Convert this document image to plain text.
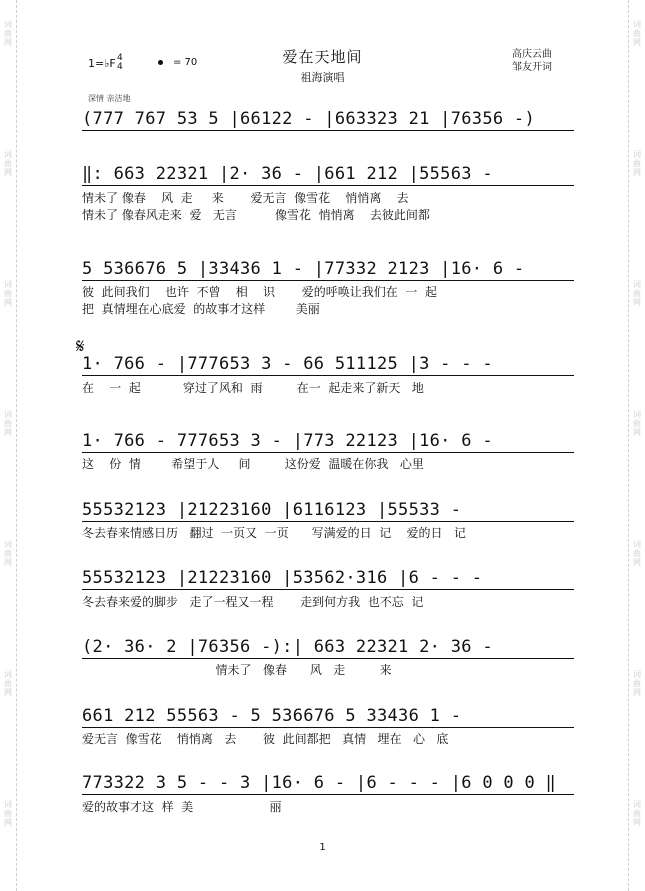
词曲网
词曲网
词曲网
词曲网
词曲网
词曲网
词曲网
词曲网
词曲网
词曲网
词曲网
词曲网
词曲网
词曲网
1=♭F 4
4	= 70	爱在天地间
祖海演唱
高庆云曲
邹友开词
深情 亲洁地
(777 767 53 5 |66122 - |663323 21 |76356 -)
‖: 663 22321 |2· 36 - |661 212 |55563 -
情未了 像春    风  走     来       爱无言  像雪花    悄悄离    去
情未了 像春风走来  爱   无言          像雪花  悄悄离    去彼此间都
5 536676 5 |33436 1 - |77332 2123 |16· 6 -
彼  此间我们    也许  不曾    相    识       爱的呼唤让我们在  一  起
把  真情埋在心底爱  的故事才这样        美丽
𝄋
1· 766 - |777653 3 - 66 511125 |3 - - -
在    一  起           穿过了风和  雨         在一  起走来了新天   地
1· 766 - 777653 3 - |773 22123 |16· 6 -
这    份  情        希望于人     间         这份爱  温暖在你我   心里
55532123 |21223160 |6116123 |55533 -
冬去春来情感日历   翻过  一页又  一页      写满爱的日  记    爱的日   记
55532123 |21223160 |53562·316 |6 - - -
冬去春来爱的脚步   走了一程又一程       走到何方我  也不忘  记
(2· 36· 2 |76356 -):| 663 22321 2· 36 -
情未了   像春      风   走         来
661 212 55563 - 5 536676 5 33436 1 -
爱无言  像雪花    悄悄离   去       彼  此间都把   真情   埋在   心   底
773322 3 5 - - 3 |16· 6 - |6 - - - |6 0 0 0 ‖
爱的故事才这  样  美                    丽
1
